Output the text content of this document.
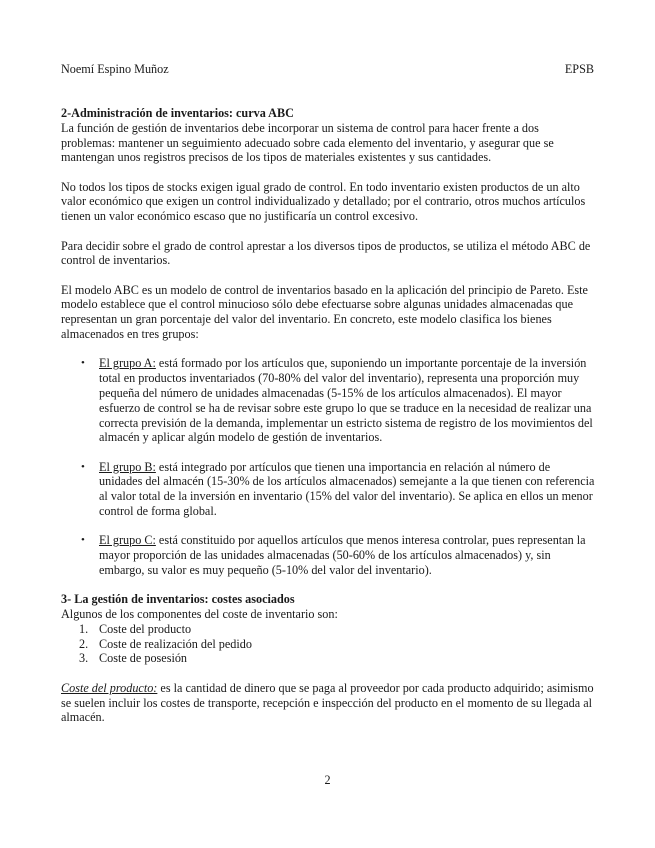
Noemí Espino Muñoz	EPSB
2-Administración de inventarios: curva ABC

La función de gestión de inventarios debe incorporar un sistema de control para hacer frente a dos problemas: mantener un seguimiento adecuado sobre cada elemento del inventario, y asegurar que se mantengan unos registros precisos de los tipos de materiales existentes y sus cantidades.

No todos los tipos de stocks exigen igual grado de control. En todo inventario existen productos de un alto valor económico que exigen un control individualizado y detallado; por el contrario, otros muchos artículos tienen un valor económico escaso que no justificaría un control excesivo.

Para decidir sobre el grado de control aprestar a los diversos tipos de productos, se utiliza el método ABC de control de inventarios.

El modelo ABC es un modelo de control de inventarios basado en la aplicación del principio de Pareto. Este modelo establece que el control minucioso sólo debe efectuarse sobre algunas unidades almacenadas que representan un gran porcentaje del valor del inventario. En concreto, este modelo clasifica los bienes almacenados en tres grupos:

• El grupo A: está formado por los artículos que, suponiendo un importante porcentaje de la inversión total en productos inventariados (70-80% del valor del inventario), representa una proporción muy pequeña del número de unidades almacenadas (5-15% de los artículos almacenados). El mayor esfuerzo de control se ha de revisar sobre este grupo lo que se traduce en la necesidad de realizar una correcta previsión de la demanda, implementar un estricto sistema de registro de los movimientos del almacén y aplicar algún modelo de gestión de inventarios.
• El grupo B: está integrado por artículos que tienen una importancia en relación al número de unidades del almacén (15-30% de los artículos almacenados) semejante a la que tienen con referencia al valor total de la inversión en inventario (15% del valor del inventario). Se aplica en ellos un menor control de forma global.
• El grupo C: está constituido por aquellos artículos que menos interesa controlar, pues representan la mayor proporción de las unidades almacenadas (50-60% de los artículos almacenados) y, sin embargo, su valor es muy pequeño (5-10% del valor del inventario).
3- La gestión de inventarios: costes asociados

Algunos de los componentes del coste de inventario son:

1. Coste del producto
2. Coste de realización del pedido
3. Coste de posesión

Coste del producto: es la cantidad de dinero que se paga al proveedor por cada producto adquirido; asimismo se suelen incluir los costes de transporte, recepción e inspección del producto en el momento de su llegada al almacén.

2
